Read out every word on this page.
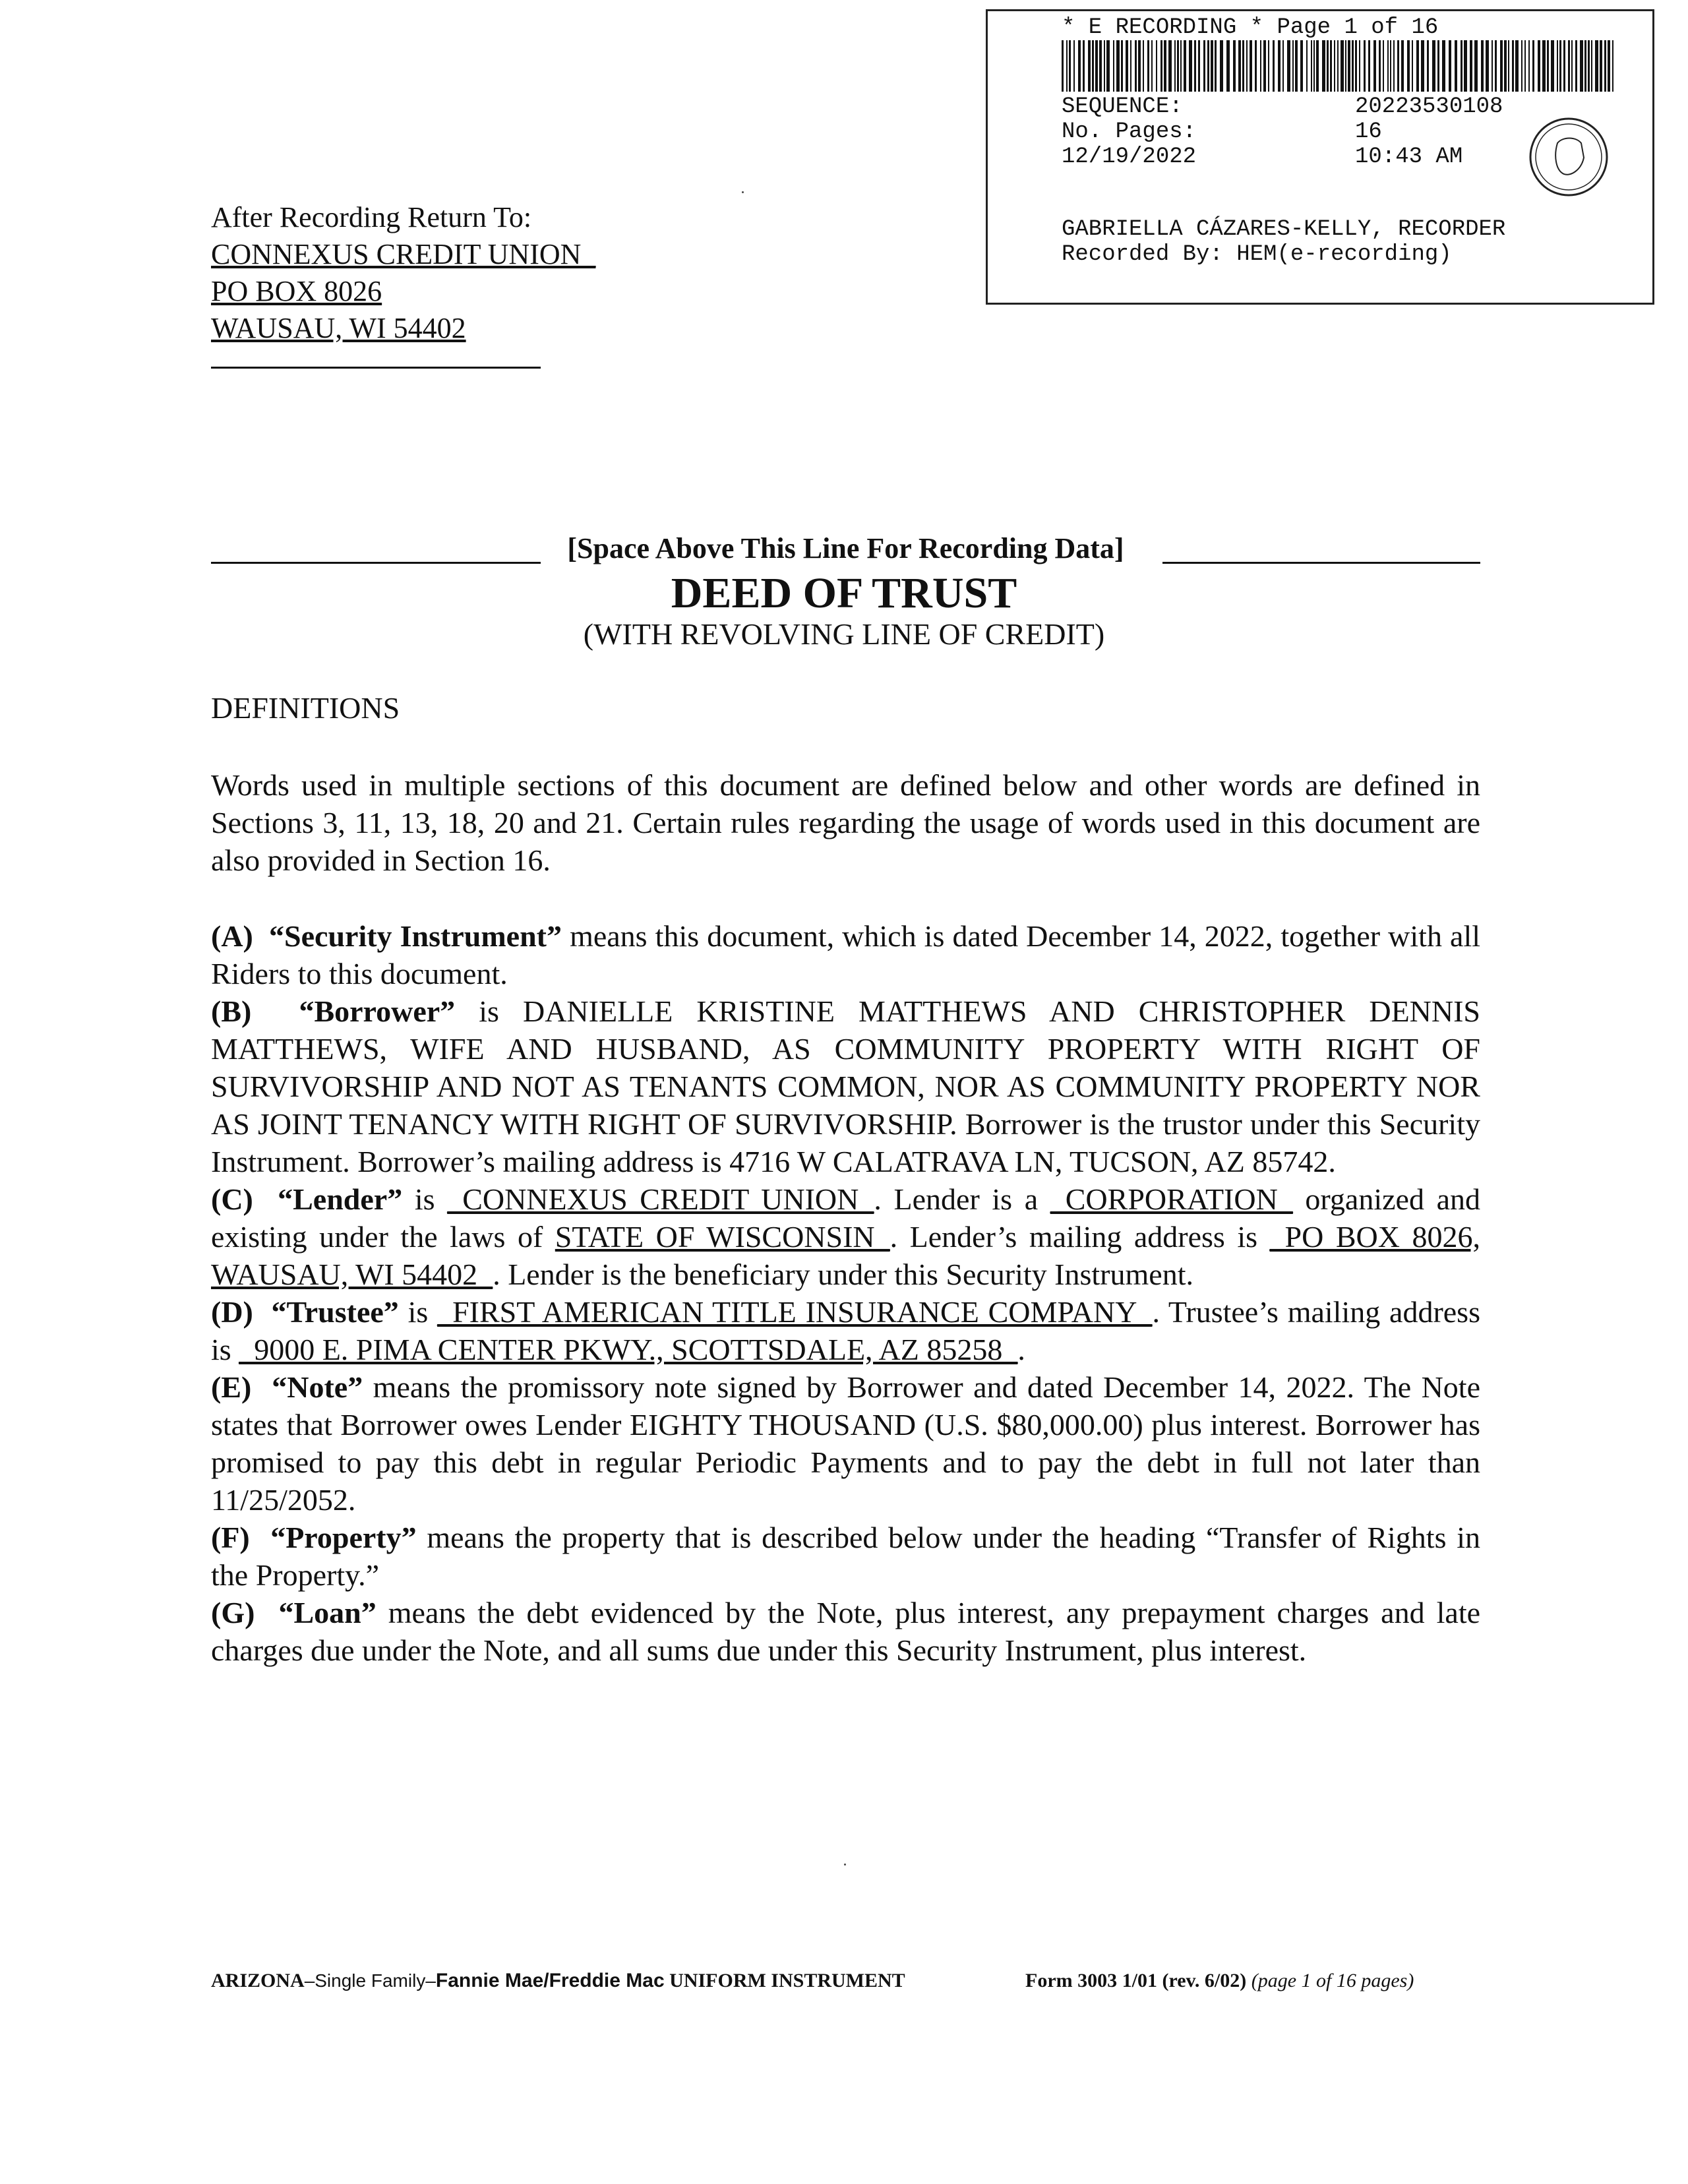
* E RECORDING * Page 1 of 16
SEQUENCE:	20223530108
No. Pages:	16
12/19/2022	10:43 AM
GABRIELLA CÁZARES-KELLY, RECORDER
Recorded By: HEM(e-recording)
After Recording Return To:
CONNEXUS CREDIT UNION_
PO BOX 8026
WAUSAU, WI 54402
[Space Above This Line For Recording Data]
DEED OF TRUST
(WITH REVOLVING LINE OF CREDIT)
DEFINITIONS

Words used in multiple sections of this document are defined below and other words are defined in Sections 3, 11, 13, 18, 20 and 21. Certain rules regarding the usage of words used in this document are also provided in Section 16.

(A) “Security Instrument” means this document, which is dated December 14, 2022, together with all Riders to this document.

(B) “Borrower” is DANIELLE KRISTINE MATTHEWS AND CHRISTOPHER DENNIS MATTHEWS, WIFE AND HUSBAND, AS COMMUNITY PROPERTY WITH RIGHT OF SURVIVORSHIP AND NOT AS TENANTS COMMON, NOR AS COMMUNITY PROPERTY NOR AS JOINT TENANCY WITH RIGHT OF SURVIVORSHIP. Borrower is the trustor under this Security Instrument. Borrower’s mailing address is 4716 W CALATRAVA LN, TUCSON, AZ 85742.

(C) “Lender” is _CONNEXUS CREDIT UNION_. Lender is a _CORPORATION_ organized and existing under the laws of STATE OF WISCONSIN_. Lender’s mailing address is _PO BOX 8026, WAUSAU, WI 54402_. Lender is the beneficiary under this Security Instrument.

(D) “Trustee” is _FIRST AMERICAN TITLE INSURANCE COMPANY_. Trustee’s mailing address is _9000 E. PIMA CENTER PKWY., SCOTTSDALE, AZ 85258_.

(E) “Note” means the promissory note signed by Borrower and dated December 14, 2022. The Note states that Borrower owes Lender EIGHTY THOUSAND (U.S. $80,000.00) plus interest. Borrower has promised to pay this debt in regular Periodic Payments and to pay the debt in full not later than 11/25/2052.

(F) “Property” means the property that is described below under the heading “Transfer of Rights in the Property.”

(G) “Loan” means the debt evidenced by the Note, plus interest, any prepayment charges and late charges due under the Note, and all sums due under this Security Instrument, plus interest.

ARIZONA–Single Family–Fannie Mae/Freddie Mac UNIFORM INSTRUMENT	Form 3003 1/01 (rev. 6/02) (page 1 of 16 pages)
